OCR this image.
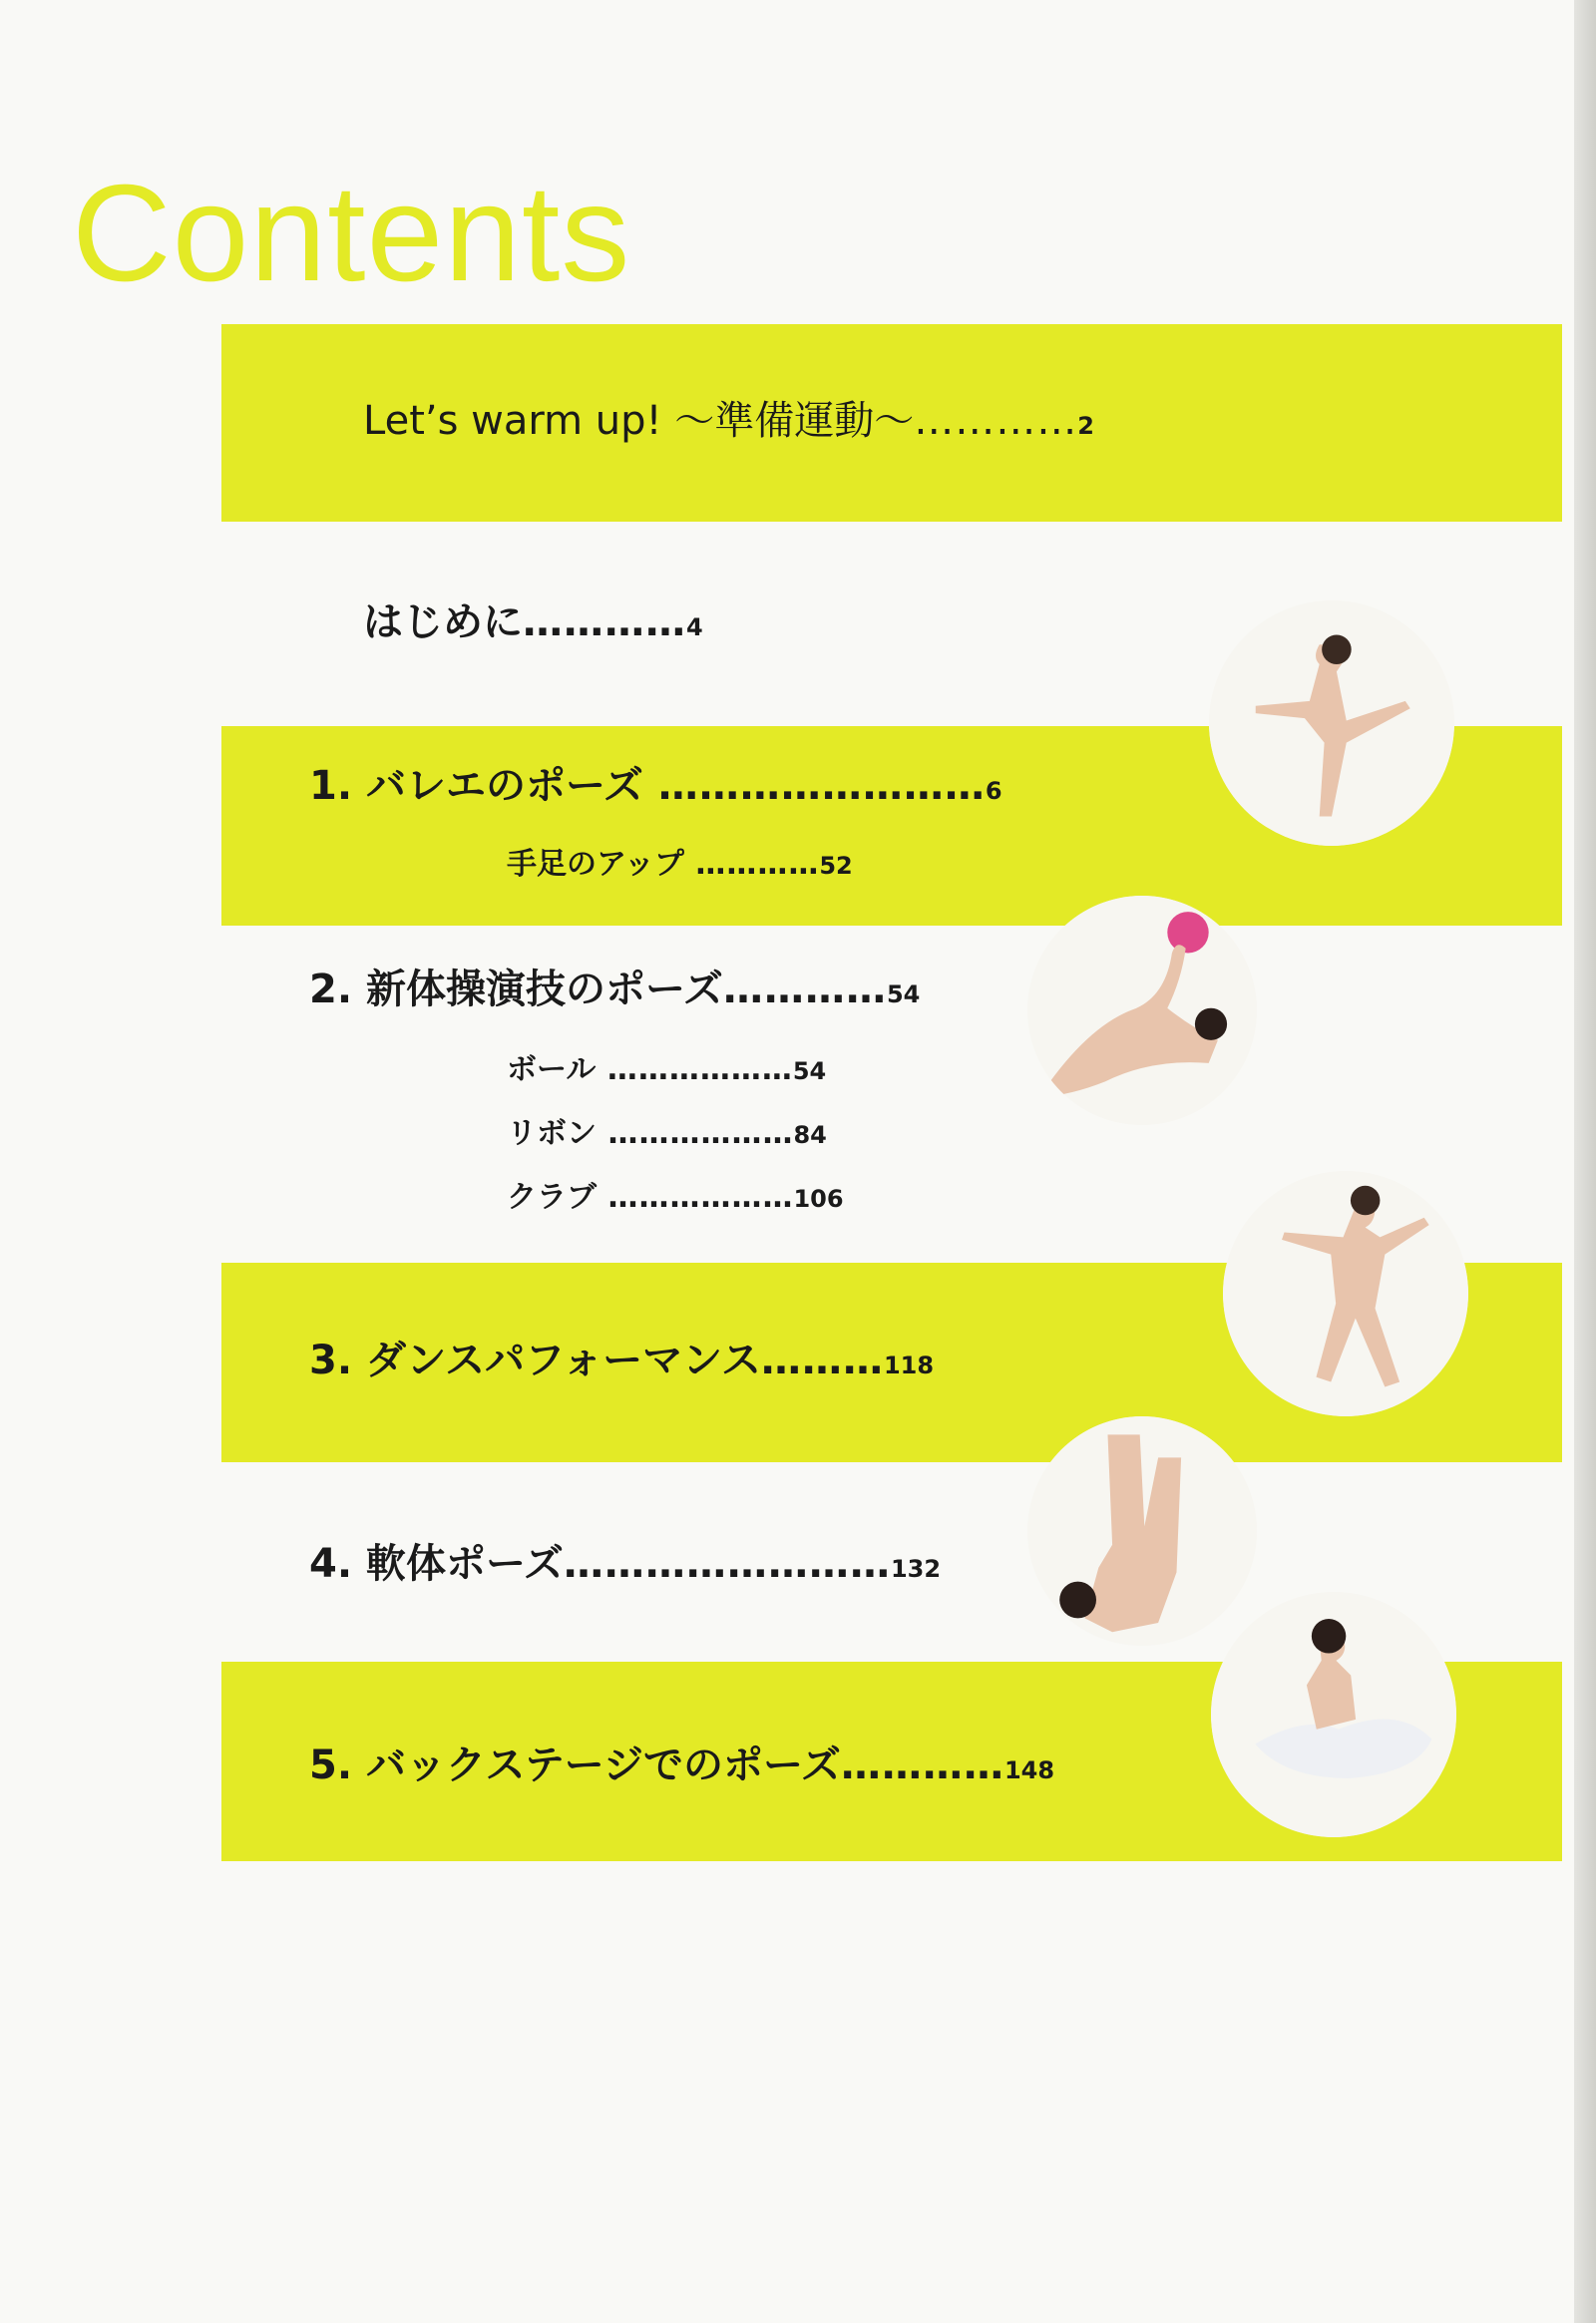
Contents
Let’s warm up! ～準備運動～…………2
はじめに…………4
1. バレエのポーズ ……………………6
手足のアップ …………52
2. 新体操演技のポーズ…………54
ボール ………………54
リボン ………………84
クラブ ………………106
3. ダンスパフォーマンス………118
4. 軟体ポーズ……………………132
5. バックステージでのポーズ…………148
